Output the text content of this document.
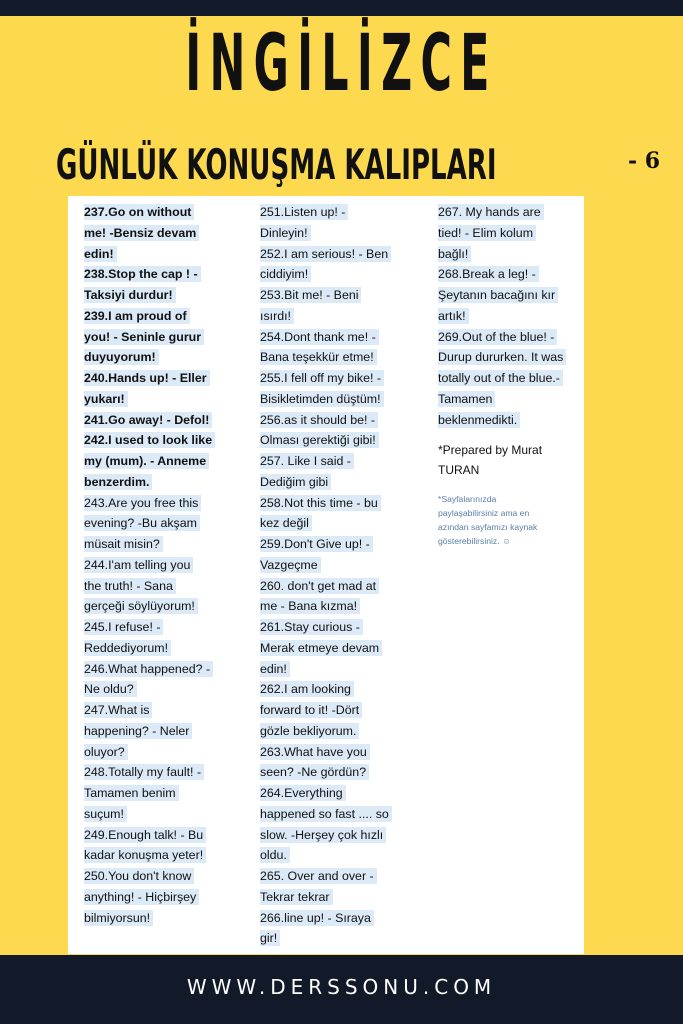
İNGİLİZCE
GÜNLÜK KONUŞMA KALIPLARI	- 6
237.Go on without
me! -Bensiz devam
edin!
238.Stop the cap ! -
Taksiyi durdur!
239.I am proud of
you! - Seninle gurur
duyuyorum!
240.Hands up! - Eller
yukarı!
241.Go away! - Defol!
242.I used to look like
my (mum). - Anneme
benzerdim.
243.Are you free this
evening? -Bu akşam
müsait misin?
244.I'am telling you
the truth! - Sana
gerçeği söylüyorum!
245.I refuse! -
Reddediyorum!
246.What happened? -
Ne oldu?
247.What is
happening? - Neler
oluyor?
248.Totally my fault! -
Tamamen benim
suçum!
249.Enough talk! - Bu
kadar konuşma yeter!
250.You don't know
anything! - Hiçbirşey
bilmiyorsun!
251.Listen up! -
Dinleyin!
252.I am serious! - Ben
ciddiyim!
253.Bit me! - Beni
ısırdı!
254.Dont thank me! -
Bana teşekkür etme!
255.I fell off my bike! -
Bisikletimden düştüm!
256.as it should be! -
Olması gerektiği gibi!
257. Like I said -
Dediğim gibi
258.Not this time - bu
kez değil
259.Don't Give up! -
Vazgeçme
260. don't get mad at
me - Bana kızma!
261.Stay curious -
Merak etmeye devam
edin!
262.I am looking
forward to it! -Dört
gözle bekliyorum.
263.What have you
seen? -Ne gördün?
264.Everything
happened so fast .... so
slow. -Herşey çok hızlı
oldu.
265. Over and over -
Tekrar tekrar
266.line up! - Sıraya
gir!
267. My hands are
tied! - Elim kolum
bağlı!
268.Break a leg! -
Şeytanın bacağını kır
artık!
269.Out of the blue! -
Durup dururken. It was
totally out of the blue.-
Tamamen
beklenmedikti.
*Prepared by Murat
TURAN
*Sayfalarınızda
paylaşabilirsiniz ama en
azından sayfamızı kaynak
gösterebilirsiniz. ☺
WWW.DERSSONU.COM
